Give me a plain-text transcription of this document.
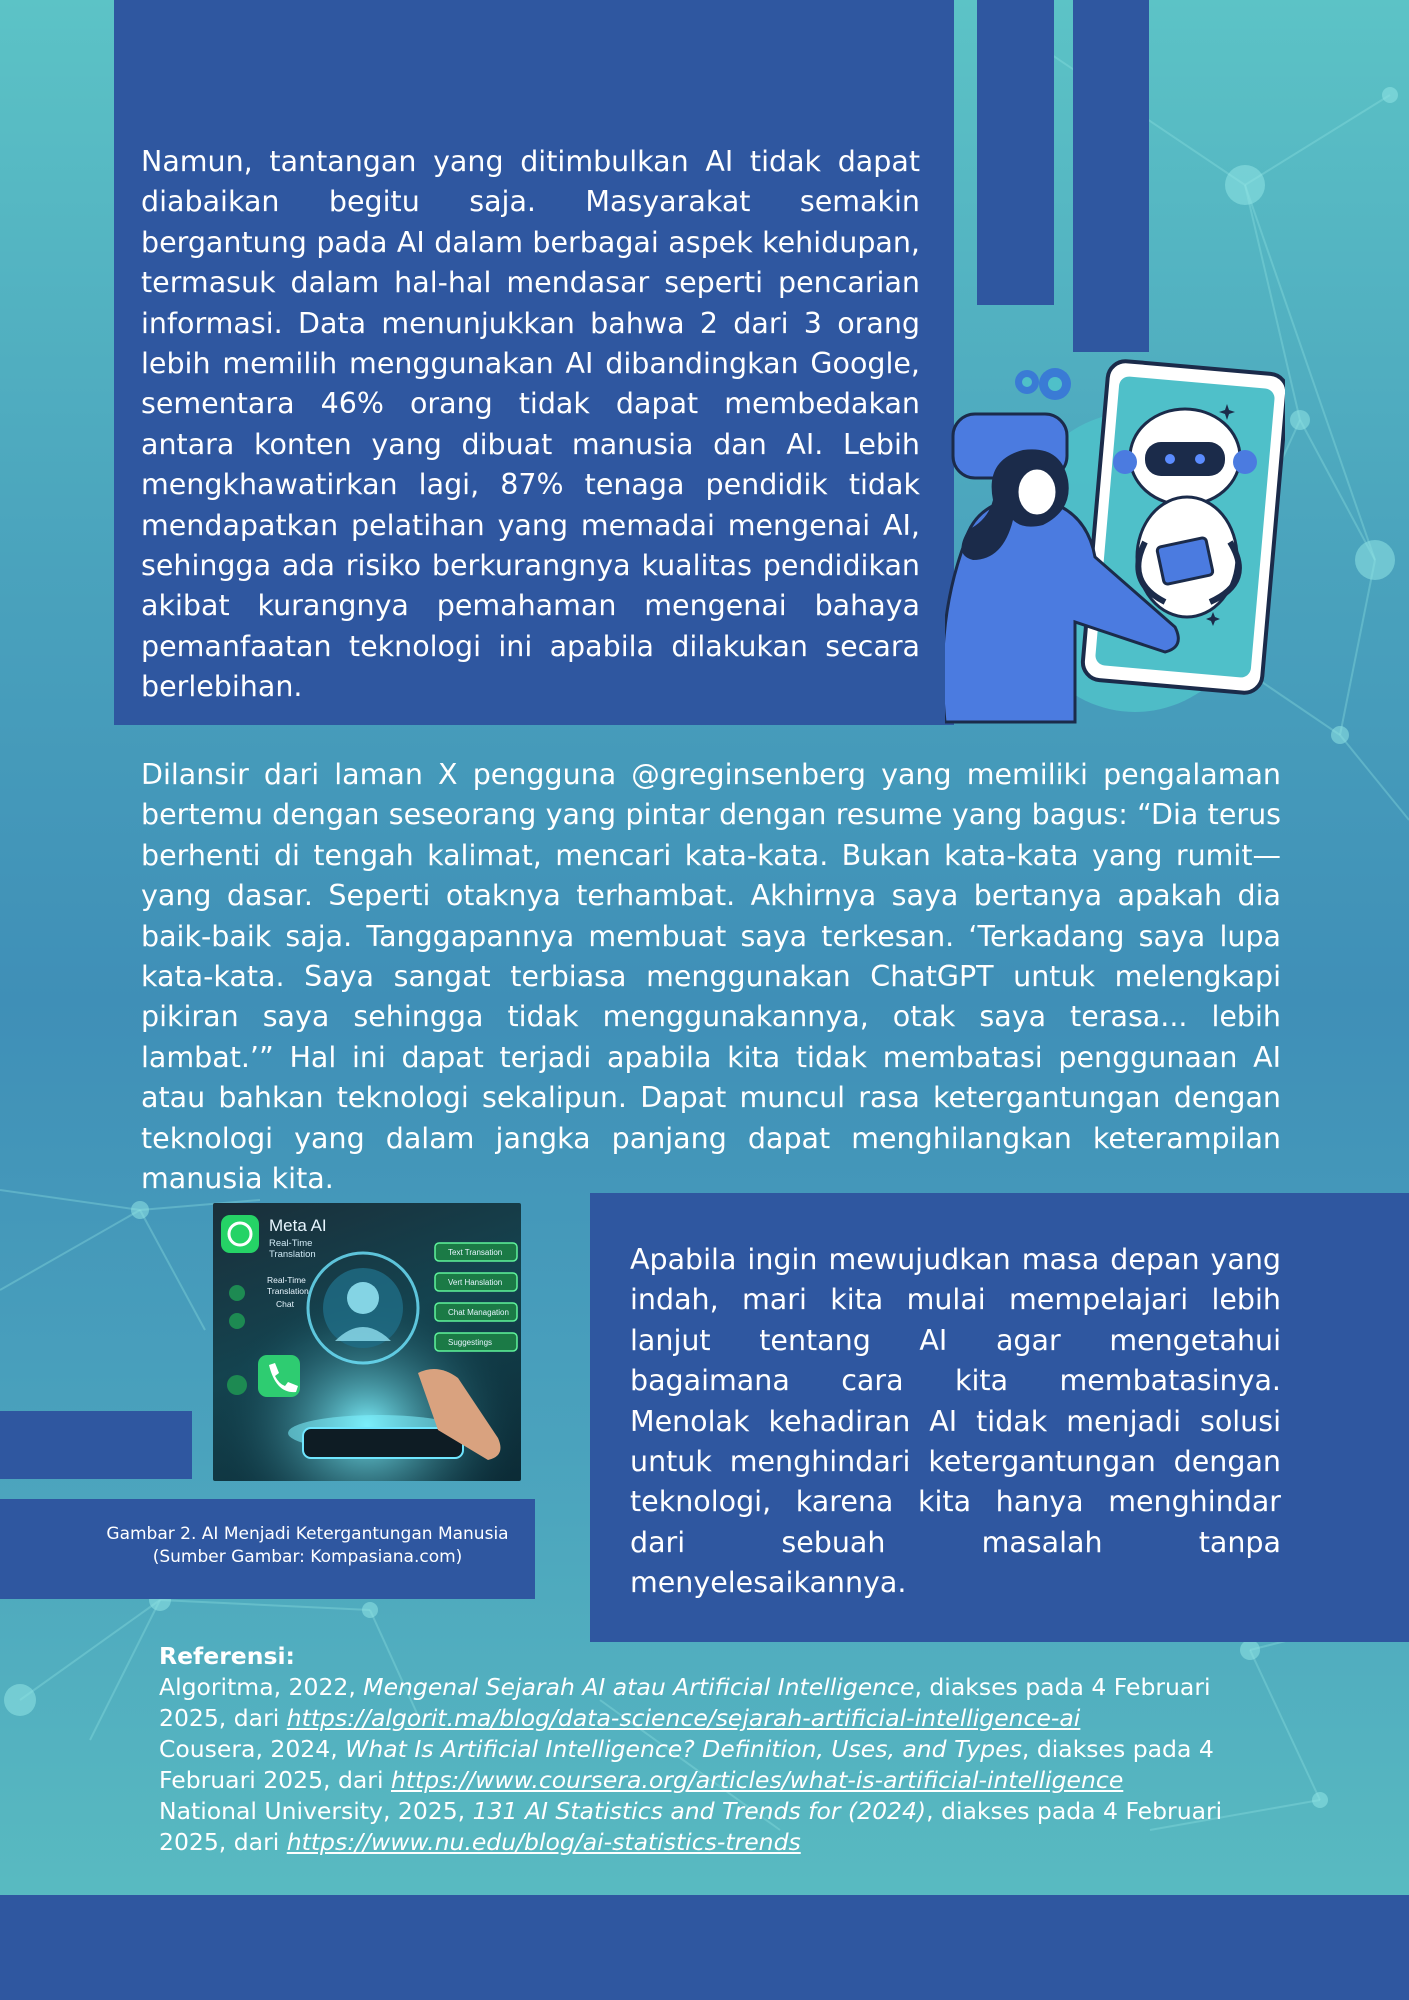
Namun, tantangan yang ditimbulkan AI tidak dapat diabaikan begitu saja. Masyarakat semakin bergantung pada AI dalam berbagai aspek kehidupan, termasuk dalam hal-hal mendasar seperti pencarian informasi. Data menunjukkan bahwa 2 dari 3 orang lebih memilih menggunakan AI dibandingkan Google, sementara 46% orang tidak dapat membedakan antara konten yang dibuat manusia dan AI. Lebih mengkhawatirkan lagi, 87% tenaga pendidik tidak mendapatkan pelatihan yang memadai mengenai AI, sehingga ada risiko berkurangnya kualitas pendidikan akibat kurangnya pemahaman mengenai bahaya pemanfaatan teknologi ini apabila dilakukan secara berlebihan.

Dilansir dari laman X pengguna @greginsenberg yang memiliki pengalaman bertemu dengan seseorang yang pintar dengan resume yang bagus: “Dia terus berhenti di tengah kalimat, mencari kata-kata. Bukan kata-kata yang rumit—yang dasar. Seperti otaknya terhambat. Akhirnya saya bertanya apakah dia baik-baik saja. Tanggapannya membuat saya terkesan. ‘Terkadang saya lupa kata-kata. Saya sangat terbiasa menggunakan ChatGPT untuk melengkapi pikiran saya sehingga tidak menggunakannya, otak saya terasa... lebih lambat.’” Hal ini dapat terjadi apabila kita tidak membatasi penggunaan AI atau bahkan teknologi sekalipun. Dapat muncul rasa ketergantungan dengan teknologi yang dalam jangka panjang dapat menghilangkan keterampilan manusia kita.

Meta AI
Real-Time
Translation
Real-Time
Translation
Chat
Text Transation
Vert Hanslation
Chat Managation
Suggestings

Gambar 2. AI Menjadi Ketergantungan Manusia

(Sumber Gambar: Kompasiana.com)

Apabila ingin mewujudkan masa depan yang indah, mari kita mulai mempelajari lebih lanjut tentang AI agar mengetahui bagaimana cara kita membatasinya. Menolak kehadiran AI tidak menjadi solusi untuk menghindari ketergantungan dengan teknologi, karena kita hanya menghindar dari sebuah masalah tanpa menyelesaikannya.

Referensi:

Algoritma, 2022, Mengenal Sejarah AI atau Artificial Intelligence, diakses pada 4 Februari 2025, dari https://algorit.ma/blog/data-science/sejarah-artificial-intelligence-ai

Cousera, 2024, What Is Artificial Intelligence? Definition, Uses, and Types, diakses pada 4 Februari 2025, dari https://www.coursera.org/articles/what-is-artificial-intelligence

National University, 2025, 131 AI Statistics and Trends for (2024), diakses pada 4 Februari 2025, dari https://www.nu.edu/blog/ai-statistics-trends
